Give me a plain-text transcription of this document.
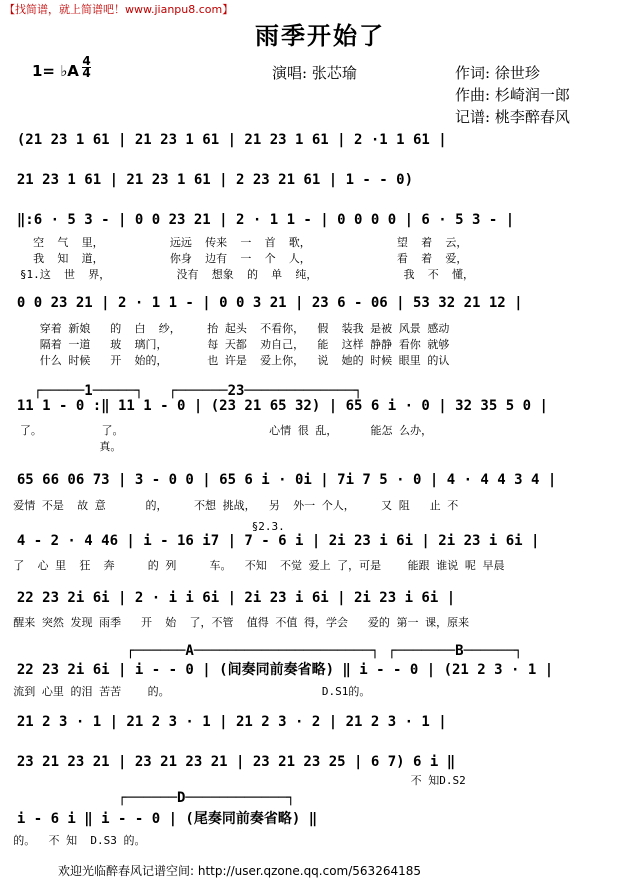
【找简谱，就上简谱吧！www.jianpu8.com】
雨季开始了
1= ♭A
4
4	演唱: 张芯瑜	作词: 徐世珍
作曲: 杉崎润一郎
记谱: 桃李醉春风
(21 23 1 61 | 21 23 1 61 | 21 23 1 61 | 2 ·1 1 61 |
21 23 1 61 | 21 23 1 61 | 2 23 21 61 | 1 - - 0)
‖:6 · 5 3 - | 0 0 23 21 | 2 · 1 1 - | 0 0 0 0 | 6 · 5 3 - |
空  气  里，          远远  传来  一  首  歌，             望  着  云，
我  知  道，          你身  边有  一  个  人，             看  着  爱，
§1.这  世  界，          没有  想象  的  单  纯，             我  不  懂，
0 0 23 21 | 2 · 1 1 - | 0 0 3 21 | 23 6 - 06 | 53 32 21 12 |
穿着 新娘   的  白  纱，    抬 起头  不看你，  假  装我 是被 风景 感动
隔着 一道   玻  璃门，      每 天都  劝自己，  能  这样 静静 看你 就够
什么 时候   开  始的，      也 许是  爱上你，  说  她的 时候 眼里 的认
┌─────1─────┐   ┌──────23─────────────┐
11 1 - 0 :‖ 11 1 - 0 | (23 21 65 32) | 65 6 i · 0 | 32 35 5 0 |
了。         了。                      心情 很 乱，     能怎 么办，
真。
65 66 06 73 | 3 - 0 0 | 65 6 i · 0i | 7i 7 5 · 0 | 4 · 4 4 3 4 |
爱情 不是  故 意      的，    不想 挑战，  另  外一 个人，    又 阻   止 不
4 - 2 · 4 46 | i - 16 i7 | 7 - 6 i | 2i 23 i 6i | 2i 23 i 6i |
§2.3.
了  心 里  狂  奔     的 列     车。  不知  不觉 爱上 了，可是    能跟 谁说 呢 早晨
22 23 2i 6i | 2 · i i 6i | 2i 23 i 6i | 2i 23 i 6i |
醒来 突然 发现 雨季   开  始  了，不管  值得 不值 得，学会   爱的 第一 课，原来
┌──────A─────────────────────┐ ┌───────B──────┐
22 23 2i 6i | i - - 0 | (间奏同前奏省略) ‖ i - - 0 | (21 2 3 · 1 |
流到 心里 的泪 苦苦    的。                       D.S1的。
21 2 3 · 1 | 21 2 3 · 1 | 21 2 3 · 2 | 21 2 3 · 1 |
23 21 23 21 | 23 21 23 21 | 23 21 23 25 | 6 7) 6 i ‖
不 知D.S2
┌──────D────────────┐
i - 6 i ‖ i - - 0 | (尾奏同前奏省略) ‖
的。  不 知  D.S3 的。
欢迎光临醉春风记谱空间: http://user.qzone.qq.com/563264185
